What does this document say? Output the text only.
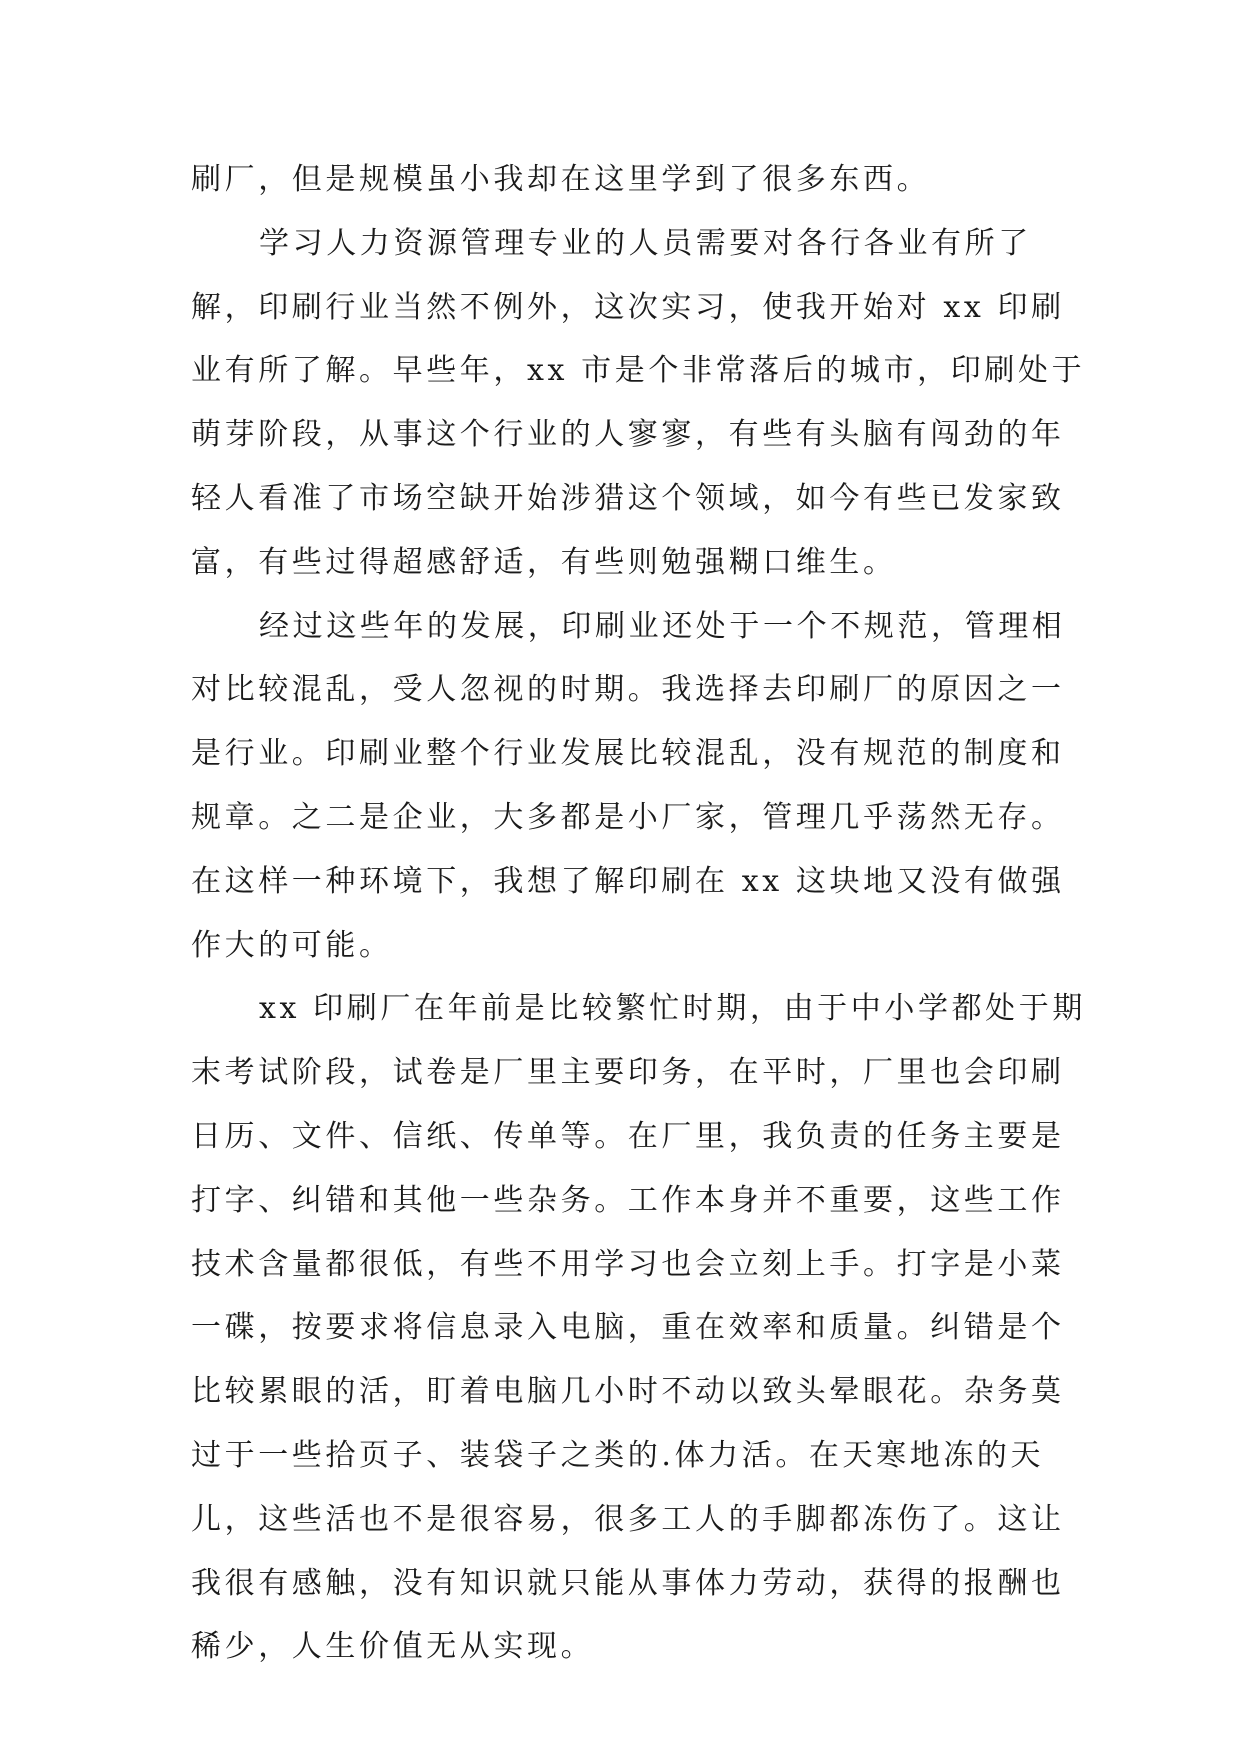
刷厂，但是规模虽小我却在这里学到了很多东西。
学习人力资源管理专业的人员需要对各行各业有所了
解，印刷行业当然不例外，这次实习，使我开始对 xx 印刷
业有所了解。早些年，xx 市是个非常落后的城市，印刷处于
萌芽阶段，从事这个行业的人寥寥，有些有头脑有闯劲的年
轻人看准了市场空缺开始涉猎这个领域，如今有些已发家致
富，有些过得超感舒适，有些则勉强糊口维生。
经过这些年的发展，印刷业还处于一个不规范，管理相
对比较混乱，受人忽视的时期。我选择去印刷厂的原因之一
是行业。印刷业整个行业发展比较混乱，没有规范的制度和
规章。之二是企业，大多都是小厂家，管理几乎荡然无存。
在这样一种环境下，我想了解印刷在 xx 这块地又没有做强
作大的可能。
xx 印刷厂在年前是比较繁忙时期，由于中小学都处于期
末考试阶段，试卷是厂里主要印务，在平时，厂里也会印刷
日历、文件、信纸、传单等。在厂里，我负责的任务主要是
打字、纠错和其他一些杂务。工作本身并不重要，这些工作
技术含量都很低，有些不用学习也会立刻上手。打字是小菜
一碟，按要求将信息录入电脑，重在效率和质量。纠错是个
比较累眼的活，盯着电脑几小时不动以致头晕眼花。杂务莫
过于一些拾页子、装袋子之类的.体力活。在天寒地冻的天
儿，这些活也不是很容易，很多工人的手脚都冻伤了。这让
我很有感触，没有知识就只能从事体力劳动，获得的报酬也
稀少，人生价值无从实现。
